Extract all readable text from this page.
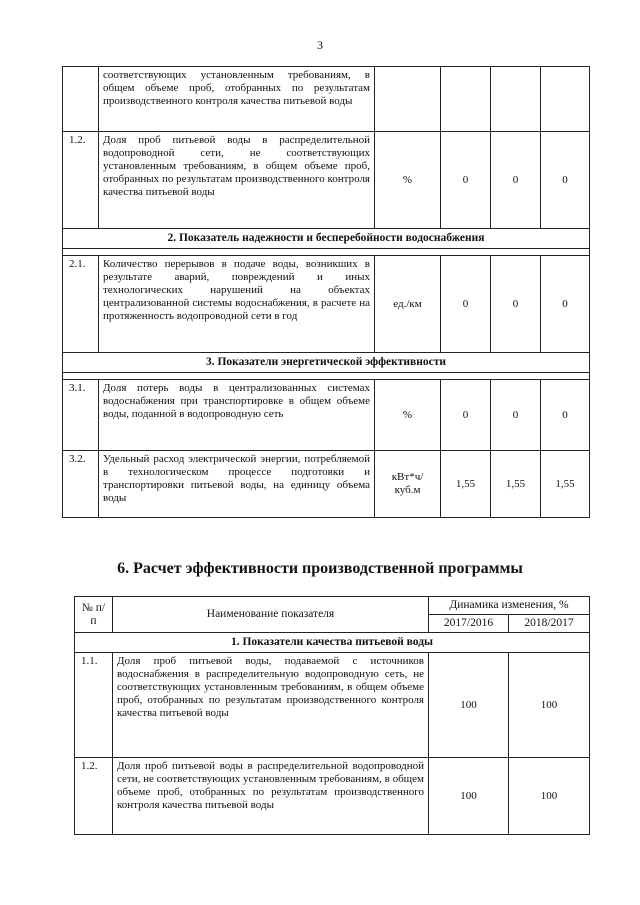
3
	соответствующих установленным требованиям, в общем объеме проб, отобранных по результатам производственного контроля качества питьевой воды				
1.2.	Доля проб питьевой воды в распределительной водопроводной сети, не соответствующих установленным требованиям, в общем объеме проб, отобранных по результатам производственного контроля качества питьевой воды	%	0	0	0
2. Показатель надежности и бесперебойности водоснабжения					

2.1.	Количество перерывов в подаче воды, возникших в результате аварий, повреждений и иных технологических нарушений на объектах централизованной системы водоснабжения, в расчете на протяженность водопроводной сети в год	ед./км	0	0	0
3. Показатели энергетической эффективности					

3.1.	Доля потерь воды в централизованных системах водоснабжения при транспортировке в общем объеме воды, поданной в водопроводную сеть	%	0	0	0
3.2.	Удельный расход электрической энергии, потребляемой в технологическом процессе подготовки и транспортировки питьевой воды, на единицу объема воды	кВт*ч/куб.м	1,55	1,55	1,55
6. Расчет эффективности производственной программы
№ п/п	Наименование показателя	Динамика изменения, %	
		2017/2016	2018/2017
1. Показатели качества питьевой воды			
1.1.	Доля проб питьевой воды, подаваемой с источников водоснабжения в распределительную водопроводную сеть, не соответствующих установленным требованиям, в общем объеме проб, отобранных по результатам производственного контроля качества питьевой воды	100	100
1.2.	Доля проб питьевой воды в распределительной водопроводной сети, не соответствующих установленным требованиям, в общем объеме проб, отобранных по результатам производственного контроля качества питьевой воды	100	100
